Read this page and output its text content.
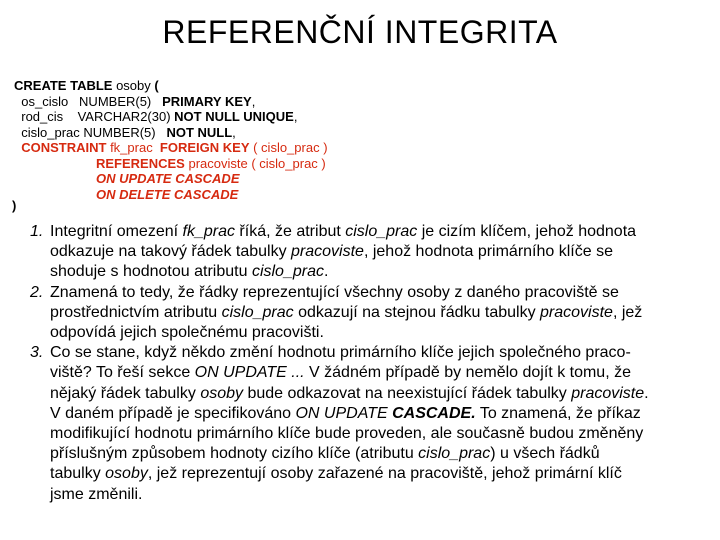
REFERENČNÍ INTEGRITA
CREATE TABLE osoby (
os_cislo   NUMBER(5)   PRIMARY KEY,
rod_cis    VARCHAR2(30) NOT NULL UNIQUE,
cislo_prac NUMBER(5)   NOT NULL,
CONSTRAINT fk_prac  FOREIGN KEY ( cislo_prac )
REFERENCES pracoviste ( cislo_prac )
ON UPDATE CASCADE
ON DELETE CASCADE
)
1. Integritní omezení fk_prac říká, že atribut cislo_prac je cizím klíčem, jehož hodnota
odkazuje na takový řádek tabulky pracoviste, jehož hodnota primárního klíče se
shoduje s hodnotou atributu cislo_prac.
2. Znamená to tedy, že řádky reprezentující všechny osoby z daného pracoviště se
prostřednictvím atributu cislo_prac odkazují na stejnou řádku tabulky pracoviste, jež
odpovídá jejich společnému pracovišti.
3. Co se stane, když někdo změní hodnotu primárního klíče jejich společného praco-
viště? To řeší sekce ON UPDATE ... V žádném případě by nemělo dojít k tomu, že
nějaký řádek tabulky osoby bude odkazovat na neexistující řádek tabulky pracoviste.
V daném případě je specifikováno ON UPDATE CASCADE. To znamená, že příkaz
modifikující hodnotu primárního klíče bude proveden, ale současně budou změněny
příslušným způsobem hodnoty cizího klíče (atributu cislo_prac) u všech řádků
tabulky osoby, jež reprezentují osoby zařazené na pracoviště, jehož primární klíč
jsme změnili.
